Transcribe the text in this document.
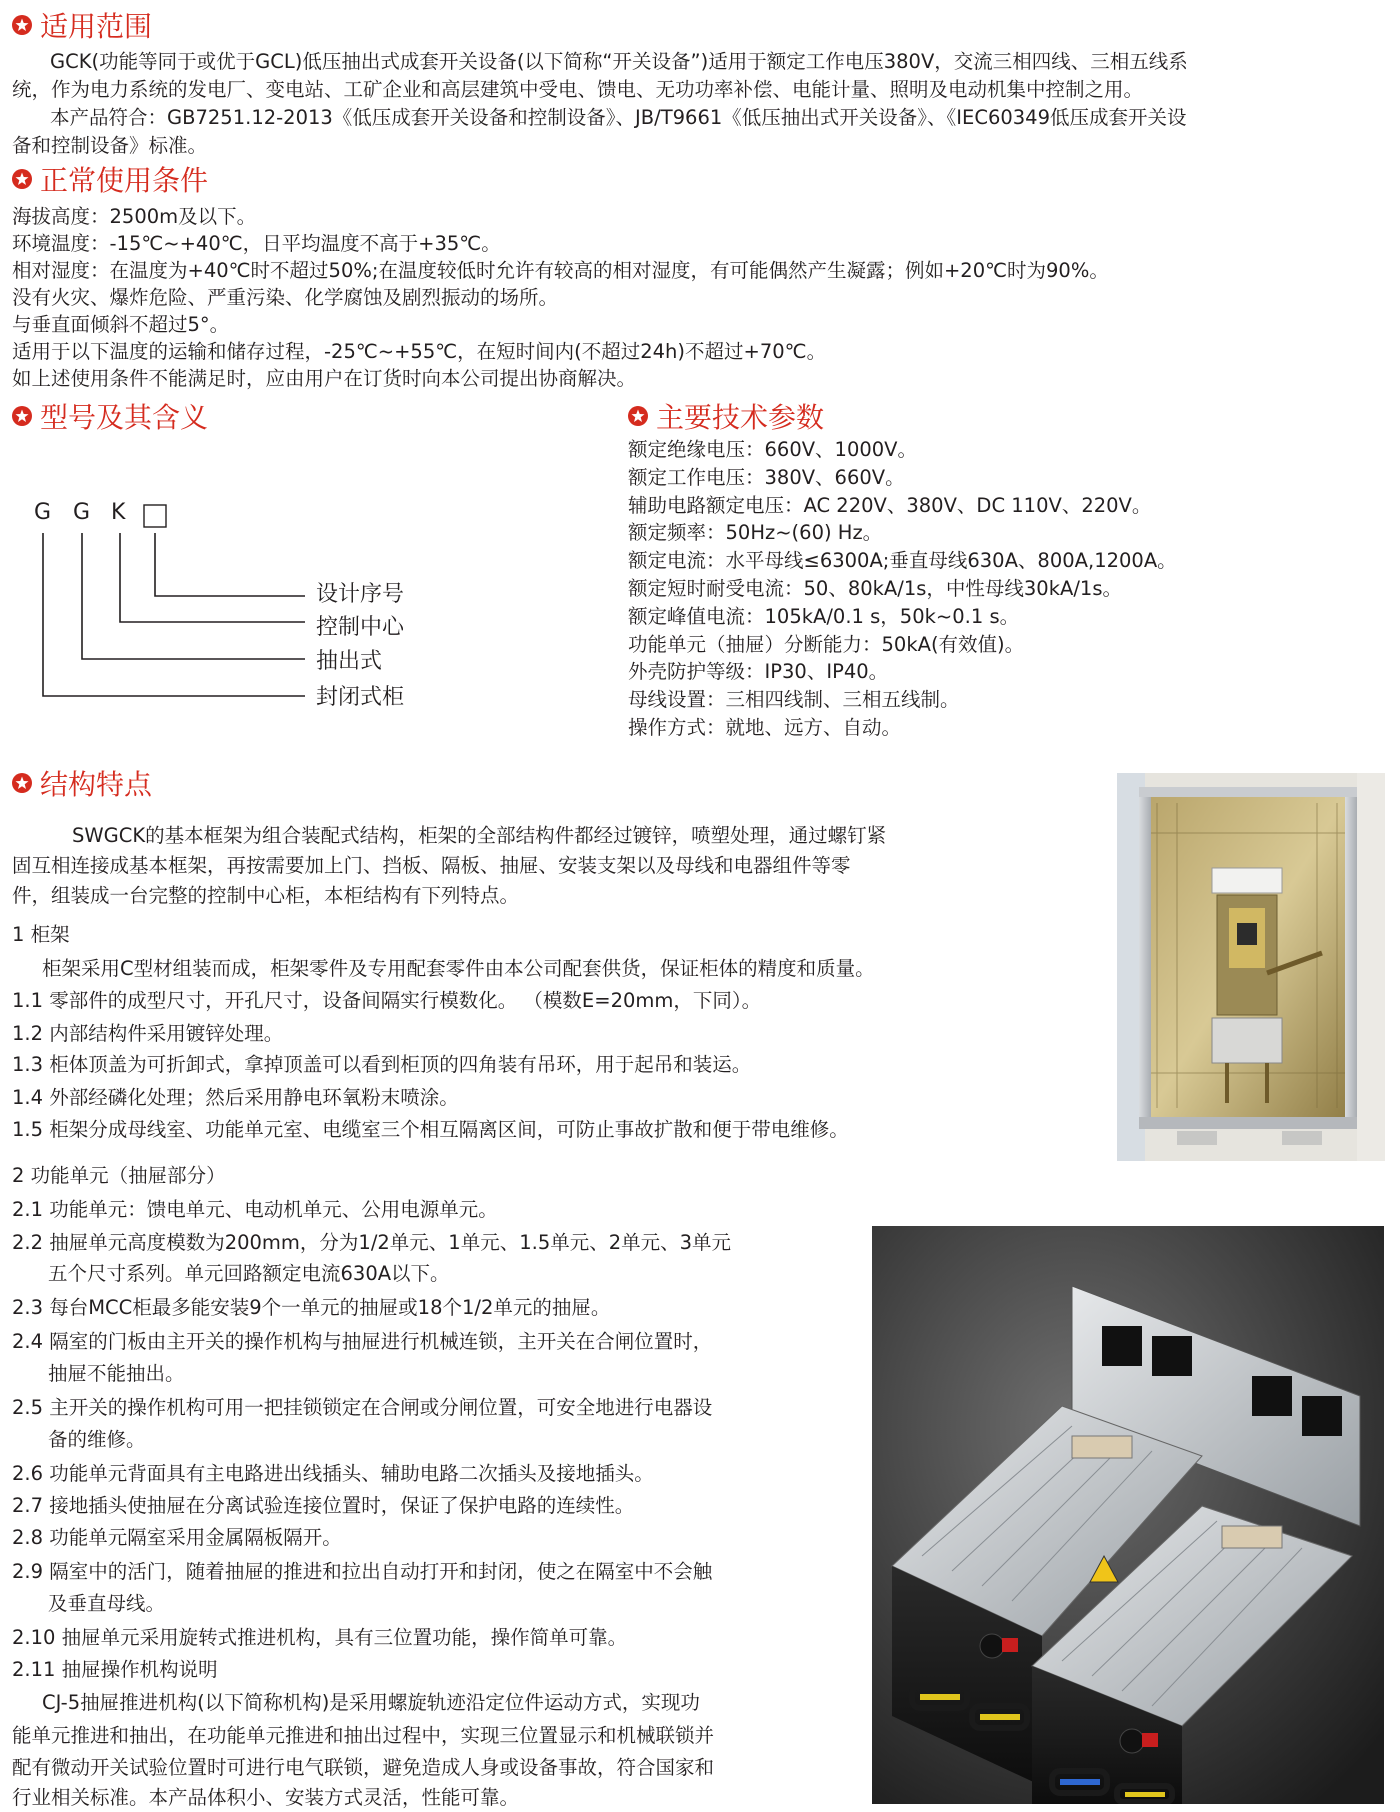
适用范围
GCK(功能等同于或优于GCL)低压抽出式成套开关设备(以下简称“开关设备”)适用于额定工作电压380V，交流三相四线、三相五线系
统，作为电力系统的发电厂、变电站、工矿企业和高层建筑中受电、馈电、无功功率补偿、电能计量、照明及电动机集中控制之用。
本产品符合：GB7251.12-2013《低压成套开关设备和控制设备》、JB/T9661《低压抽出式开关设备》、《IEC60349低压成套开关设
备和控制设备》标准。
正常使用条件
海拔高度：2500m及以下。
环境温度：-15℃~+40℃，日平均温度不高于+35℃。
相对湿度：在温度为+40℃时不超过50%;在温度较低时允许有较高的相对湿度，有可能偶然产生凝露；例如+20℃时为90%。
没有火灾、爆炸危险、严重污染、化学腐蚀及剧烈振动的场所。
与垂直面倾斜不超过5°。
适用于以下温度的运输和储存过程，-25℃~+55℃，在短时间内(不超过24h)不超过+70℃。
如上述使用条件不能满足时，应由用户在订货时向本公司提出协商解决。
型号及其含义
G G K
设计序号
控制中心
抽出式
封闭式柜
主要技术参数
额定绝缘电压：660V、1000V。
额定工作电压：380V、660V。
辅助电路额定电压：AC 220V、380V、DC 110V、220V。
额定频率：50Hz~(60) Hz。
额定电流：水平母线≤6300A;垂直母线630A、800A,1200A。
额定短时耐受电流：50、80kA/1s，中性母线30kA/1s。
额定峰值电流：105kA/0.1 s，50k~0.1 s。
功能单元（抽屉）分断能力：50kA(有效值)。
外壳防护等级：IP30、IP40。
母线设置：三相四线制、三相五线制。
操作方式：就地、远方、自动。
结构特点
SWGCK的基本框架为组合装配式结构，柜架的全部结构件都经过镀锌，喷塑处理，通过螺钉紧
固互相连接成基本框架，再按需要加上门、挡板、隔板、抽屉、安装支架以及母线和电器组件等零
件，组装成一台完整的控制中心柜，本柜结构有下列特点。
1 柜架
柜架采用C型材组装而成，柜架零件及专用配套零件由本公司配套供货，保证柜体的精度和质量。
1.1 零部件的成型尺寸，开孔尺寸，设备间隔实行模数化。 （模数E=20mm，下同）。
1.2 内部结构件采用镀锌处理。
1.3 柜体顶盖为可折卸式，拿掉顶盖可以看到柜顶的四角装有吊环，用于起吊和装运。
1.4 外部经磷化处理；然后采用静电环氧粉末喷涂。
1.5 柜架分成母线室、功能单元室、电缆室三个相互隔离区间，可防止事故扩散和便于带电维修。
2 功能单元（抽屉部分）
2.1 功能单元：馈电单元、电动机单元、公用电源单元。
2.2 抽屉单元高度模数为200mm，分为1/2单元、1单元、1.5单元、2单元、3单元
五个尺寸系列。单元回路额定电流630A以下。
2.3 每台MCC柜最多能安装9个一单元的抽屉或18个1/2单元的抽屉。
2.4 隔室的门板由主开关的操作机构与抽屉进行机械连锁，主开关在合闸位置时，
抽屉不能抽出。
2.5 主开关的操作机构可用一把挂锁锁定在合闸或分闸位置，可安全地进行电器设
备的维修。
2.6 功能单元背面具有主电路进出线插头、辅助电路二次插头及接地插头。
2.7 接地插头使抽屉在分离试验连接位置时，保证了保护电路的连续性。
2.8 功能单元隔室采用金属隔板隔开。
2.9 隔室中的活门，随着抽屉的推进和拉出自动打开和封闭，使之在隔室中不会触
及垂直母线。
2.10 抽屉单元采用旋转式推进机构，具有三位置功能，操作简单可靠。
2.11 抽屉操作机构说明
CJ-5抽屉推进机构(以下简称机构)是采用螺旋轨迹沿定位件运动方式，实现功
能单元推进和抽出，在功能单元推进和抽出过程中，实现三位置显示和机械联锁并
配有微动开关试验位置时可进行电气联锁，避免造成人身或设备事故，符合国家和
行业相关标准。本产品体积小、安装方式灵活，性能可靠。
